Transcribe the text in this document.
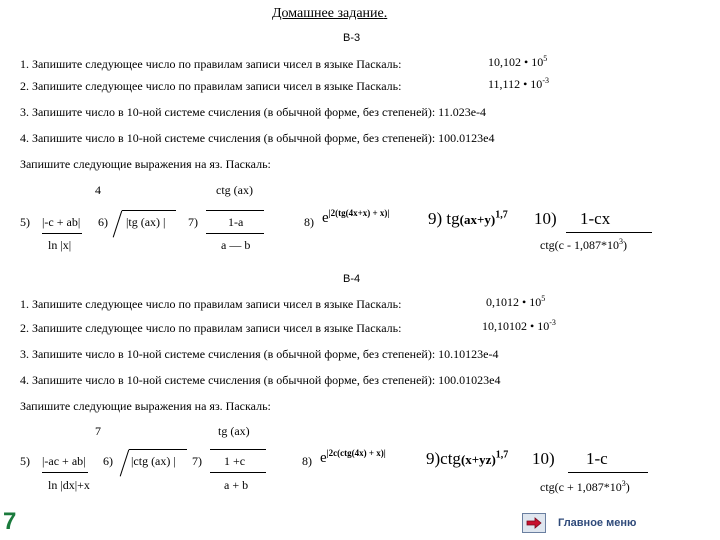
Домашнее задание.
В-3
1. Запишите следующее число по правилам записи чисел в языке Паскаль:	10,102 • $10^5$
2. Запишите следующее число по правилам записи чисел в языке Паскаль:	11,112 • $10^{-3}$
3. Запишите число в 10-ной системе счисления (в обычной форме, без степеней): 11.023e-4
4. Запишите число в 10-ной системе счисления (в обычной форме, без степеней): 100.0123e4
Запишите следующие выражения на яз. Паскаль:
4	ctg (ax)
5) |-c + ab|
ln |x|
6) |tg (ax) | 7)	1-a
a — b
8) $e^{|2(tg(4x+x) + x)|}$ 9) $tg(ax+y)^{1,7}$ 10) 1-cx
$ctg(c - 1,087*10^3)$
В-4
1. Запишите следующее число по правилам записи чисел в языке Паскаль:	0,1012 • $10^5$
2. Запишите следующее число по правилам записи чисел в языке Паскаль:	10,10102 • $10^{-3}$
3. Запишите число в 10-ной системе счисления (в обычной форме, без степеней): 10.10123e-4
4. Запишите число в 10-ной системе счисления (в обычной форме, без степеней): 100.01023e4
Запишите следующие выражения на яз. Паскаль:
7	tg (ax)
5) |-ac + ab|
ln |dx|+x
6) |ctg (ax) | 7) 1 +c
a + b
8) $e^{|2c(ctg(4x) + x)|}$ $9)ctg(x+yz)^{1,7}$ 10) 1-c
$ctg(c + 1,087*10^3)$
7	Главное меню
